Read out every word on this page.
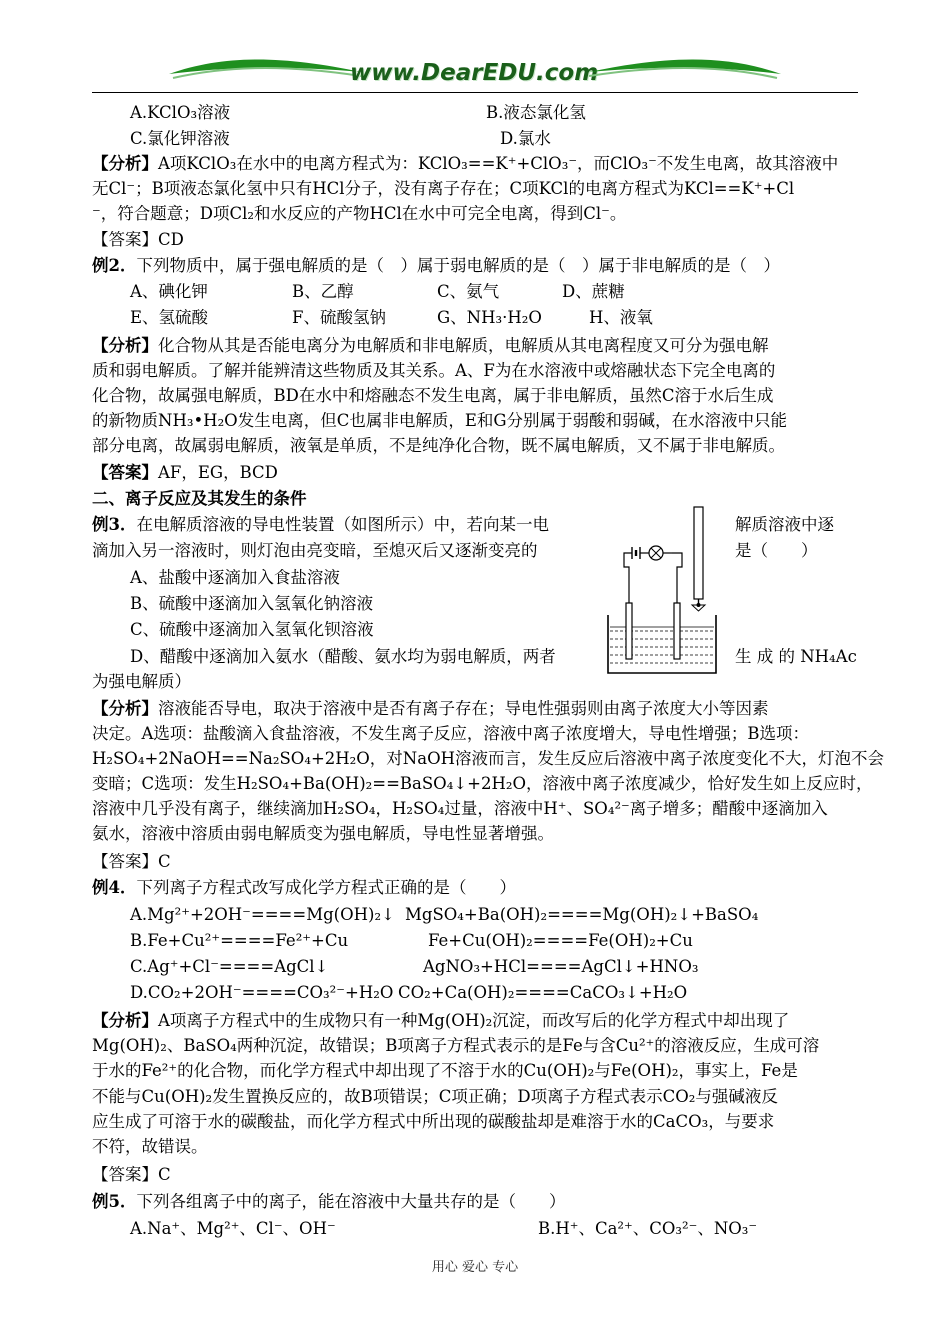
www.DearEDU.com
A.KClO₃溶液	B.液态氯化氢
C.氯化钾溶液	D.氯水
【分析】A项KClO₃在水中的电离方程式为：KClO₃==K⁺+ClO₃⁻，而ClO₃⁻不发生电离，故其溶液中
无Cl⁻；B项液态氯化氢中只有HCl分子，没有离子存在；C项KCl的电离方程式为KCl==K⁺+Cl
⁻，符合题意；D项Cl₂和水反应的产物HCl在水中可完全电离，得到Cl⁻。
【答案】CD
例2．下列物质中，属于强电解质的是（　）属于弱电解质的是（　）属于非电解质的是（　）
A、碘化钾	B、乙醇	C、氨气	D、蔗糖
E、氢硫酸	F、硫酸氢钠	G、NH₃·H₂O	H、液氧
【分析】化合物从其是否能电离分为电解质和非电解质，电解质从其电离程度又可分为强电解
质和弱电解质。了解并能辨清这些物质及其关系。A、F为在水溶液中或熔融状态下完全电离的
化合物，故属强电解质，BD在水中和熔融态不发生电离，属于非电解质，虽然C溶于水后生成
的新物质NH₃•H₂O发生电离，但C也属非电解质，E和G分别属于弱酸和弱碱，在水溶液中只能
部分电离，故属弱电解质，液氧是单质，不是纯净化合物，既不属电解质，又不属于非电解质。
【答案】AF，EG，BCD
二、离子反应及其发生的条件
例3．在电解质溶液的导电性装置（如图所示）中，若向某一电	解质溶液中逐
滴加入另一溶液时，则灯泡由亮变暗，至熄灭后又逐渐变亮的	是（　　）
A、盐酸中逐滴加入食盐溶液
B、硫酸中逐滴加入氢氧化钠溶液
C、硫酸中逐滴加入氢氧化钡溶液
D、醋酸中逐滴加入氨水（醋酸、氨水均为弱电解质，两者	生 成 的 NH₄Ac
为强电解质）
【分析】溶液能否导电，取决于溶液中是否有离子存在；导电性强弱则由离子浓度大小等因素
决定。A选项：盐酸滴入食盐溶液，不发生离子反应，溶液中离子浓度增大，导电性增强；B选项：
H₂SO₄+2NaOH==Na₂SO₄+2H₂O，对NaOH溶液而言，发生反应后溶液中离子浓度变化不大，灯泡不会
变暗；C选项：发生H₂SO₄+Ba(OH)₂==BaSO₄↓+2H₂O，溶液中离子浓度减少，恰好发生如上反应时，
溶液中几乎没有离子，继续滴加H₂SO₄，H₂SO₄过量，溶液中H⁺、SO₄²⁻离子增多；醋酸中逐滴加入
氨水，溶液中溶质由弱电解质变为强电解质，导电性显著增强。
【答案】C
例4．下列离子方程式改写成化学方程式正确的是（　　）
A.Mg²⁺+2OH⁻====Mg(OH)₂↓ MgSO₄+Ba(OH)₂====Mg(OH)₂↓+BaSO₄
B.Fe+Cu²⁺====Fe²⁺+Cu	Fe+Cu(OH)₂====Fe(OH)₂+Cu
C.Ag⁺+Cl⁻====AgCl↓	AgNO₃+HCl====AgCl↓+HNO₃
D.CO₂+2OH⁻====CO₃²⁻+H₂O CO₂+Ca(OH)₂====CaCO₃↓+H₂O
【分析】A项离子方程式中的生成物只有一种Mg(OH)₂沉淀，而改写后的化学方程式中却出现了
Mg(OH)₂、BaSO₄两种沉淀，故错误；B项离子方程式表示的是Fe与含Cu²⁺的溶液反应，生成可溶
于水的Fe²⁺的化合物，而化学方程式中却出现了不溶于水的Cu(OH)₂与Fe(OH)₂，事实上，Fe是
不能与Cu(OH)₂发生置换反应的，故B项错误；C项正确；D项离子方程式表示CO₂与强碱液反
应生成了可溶于水的碳酸盐，而化学方程式中所出现的碳酸盐却是难溶于水的CaCO₃，与要求
不符，故错误。
【答案】C
例5．下列各组离子中的离子，能在溶液中大量共存的是（　　）
A.Na⁺、Mg²⁺、Cl⁻、OH⁻	B.H⁺、Ca²⁺、CO₃²⁻、NO₃⁻
用心 爱心 专心
